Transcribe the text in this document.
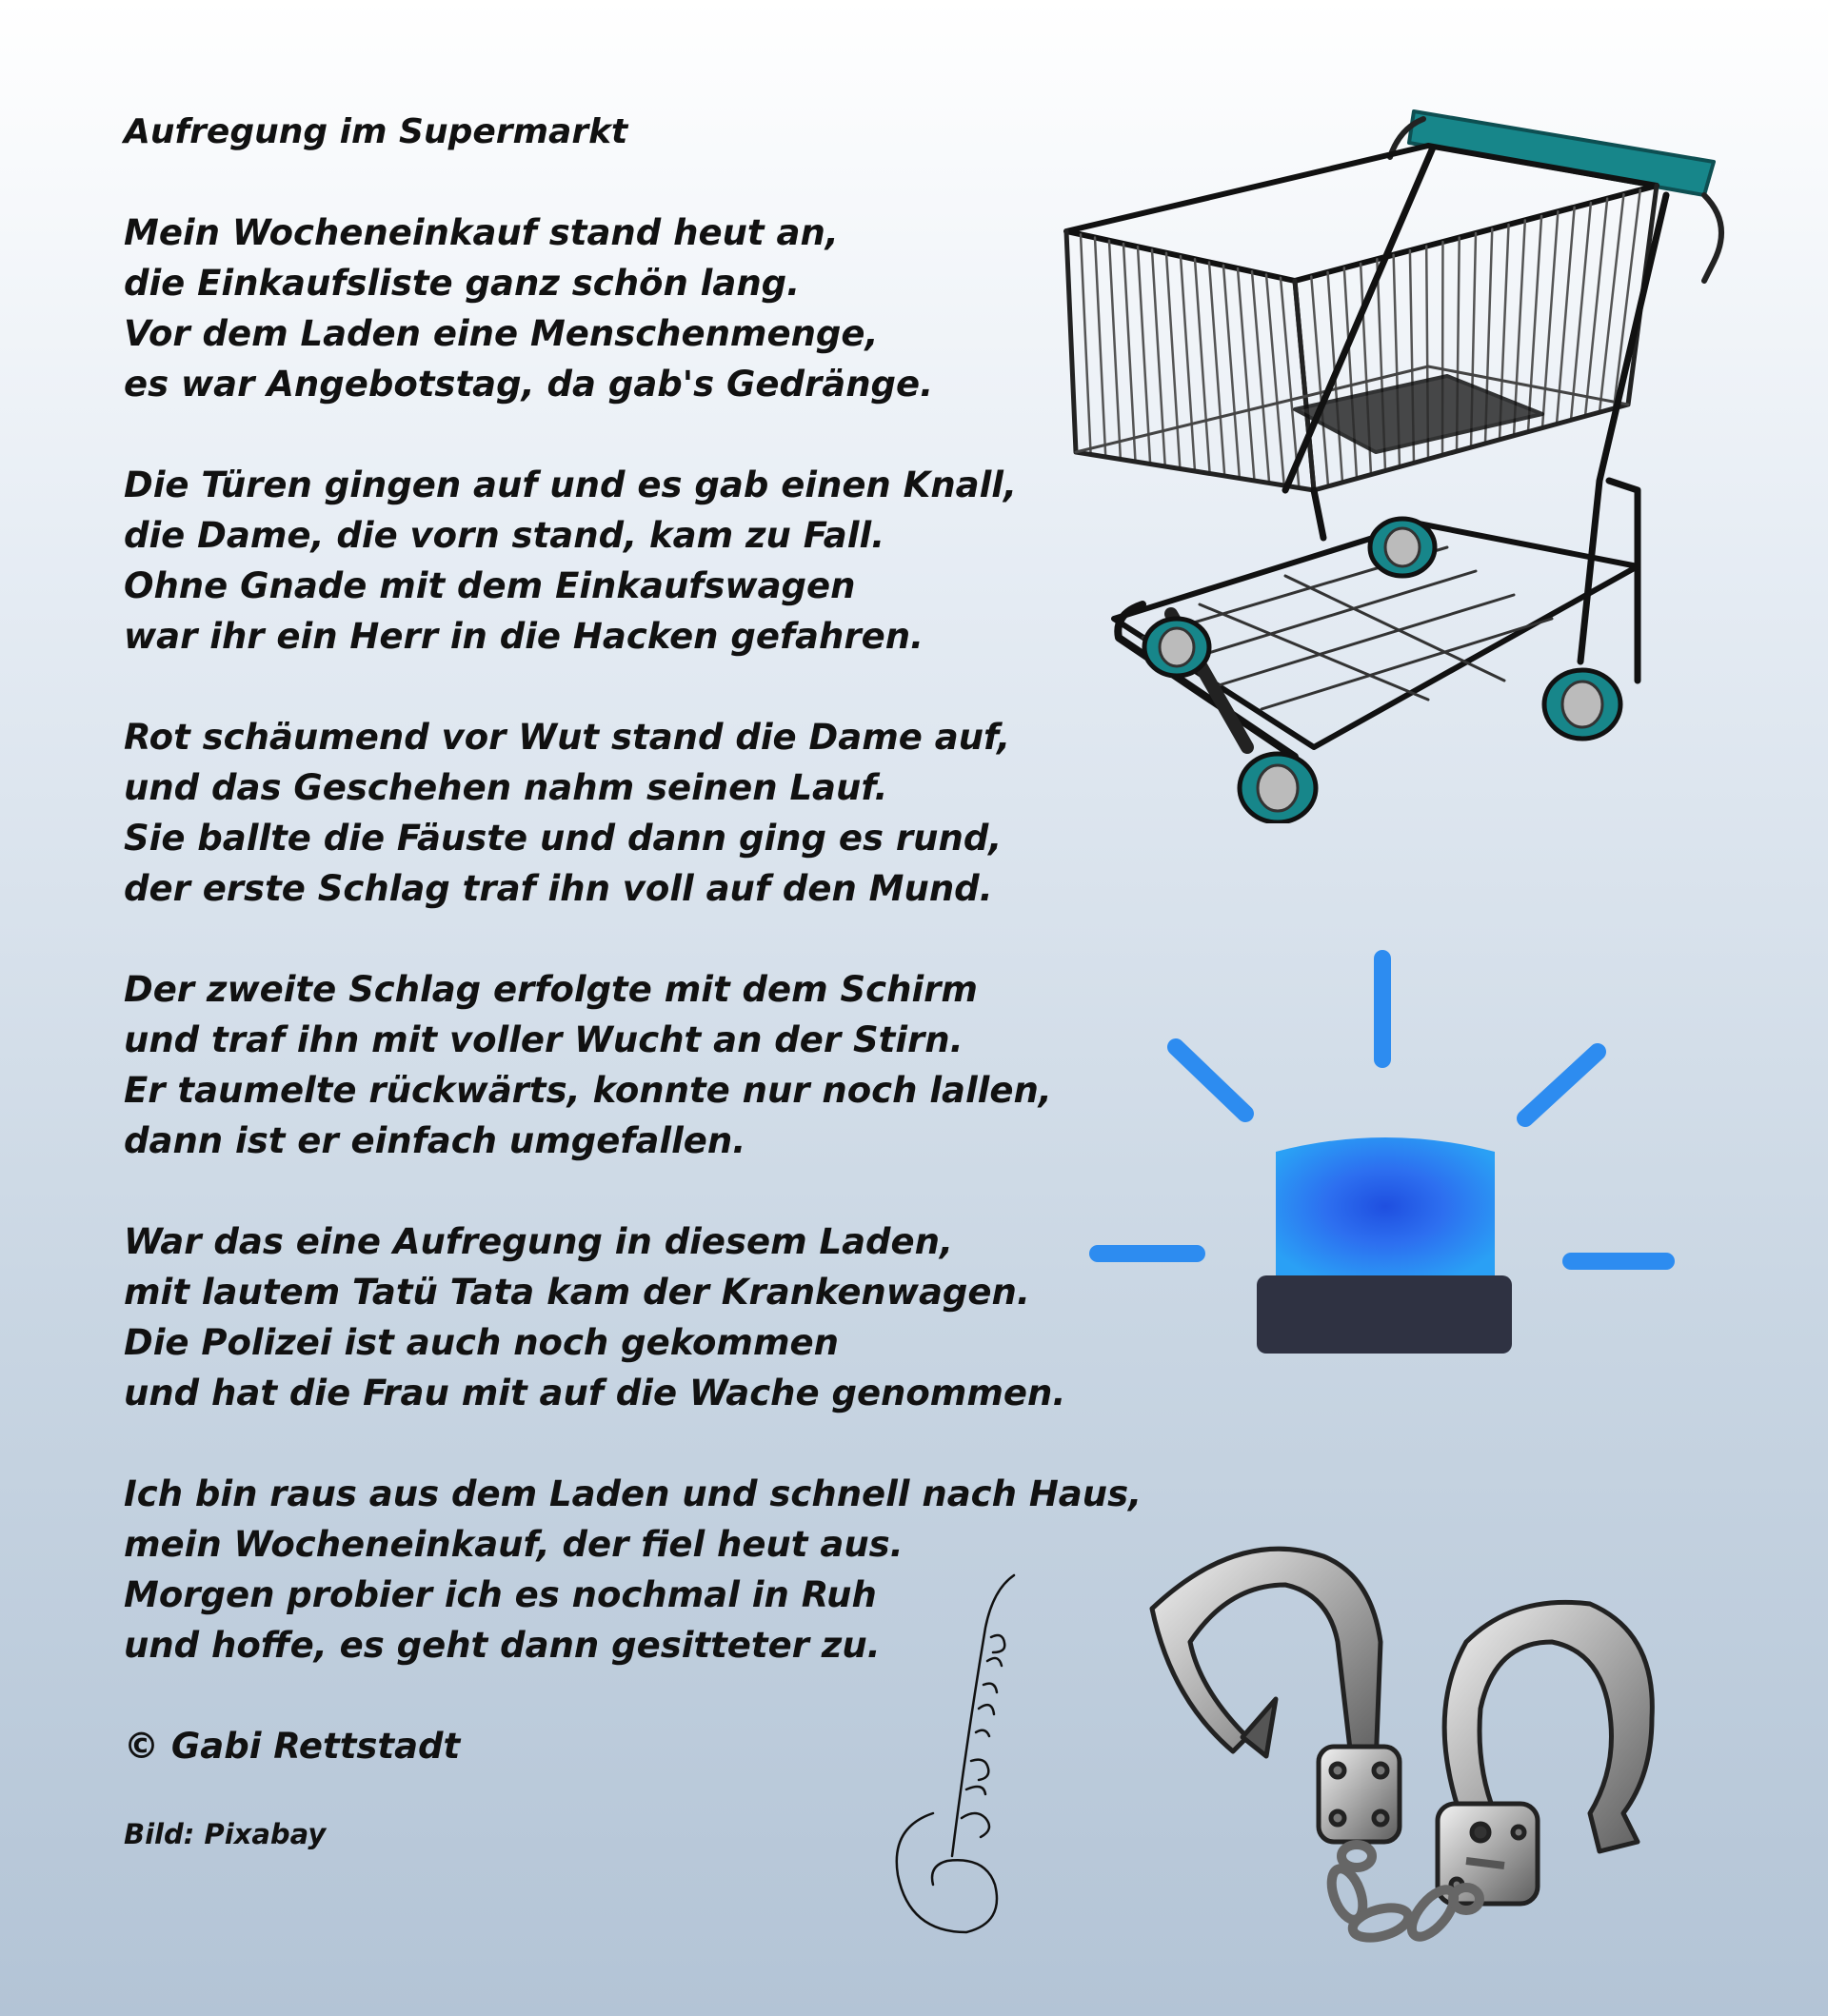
Aufregung im Supermarkt
Mein Wocheneinkauf stand heut an,
die Einkaufsliste ganz schön lang.
Vor dem Laden eine Menschenmenge,
es war Angebotstag, da gab's Gedränge.
Die Türen gingen auf und es gab einen Knall,
die Dame, die vorn stand, kam zu Fall.
Ohne Gnade mit dem Einkaufswagen
war ihr ein Herr in die Hacken gefahren.
Rot schäumend vor Wut stand die Dame auf,
und das Geschehen nahm seinen Lauf.
Sie ballte die Fäuste und dann ging es rund,
der erste Schlag traf ihn voll auf den Mund.
Der zweite Schlag erfolgte mit dem Schirm
und traf ihn mit voller Wucht an der Stirn.
Er taumelte rückwärts, konnte nur noch lallen,
dann ist er einfach umgefallen.
War das eine Aufregung in diesem Laden,
mit lautem Tatü Tata kam der Krankenwagen.
Die Polizei ist auch noch gekommen
und hat die Frau mit auf die Wache genommen.
Ich bin raus aus dem Laden und schnell nach Haus,
mein Wocheneinkauf, der fiel heut aus.
Morgen probier ich es nochmal in Ruh
und hoffe, es geht dann gesitteter zu.
© Gabi Rettstadt
Bild: Pixabay
